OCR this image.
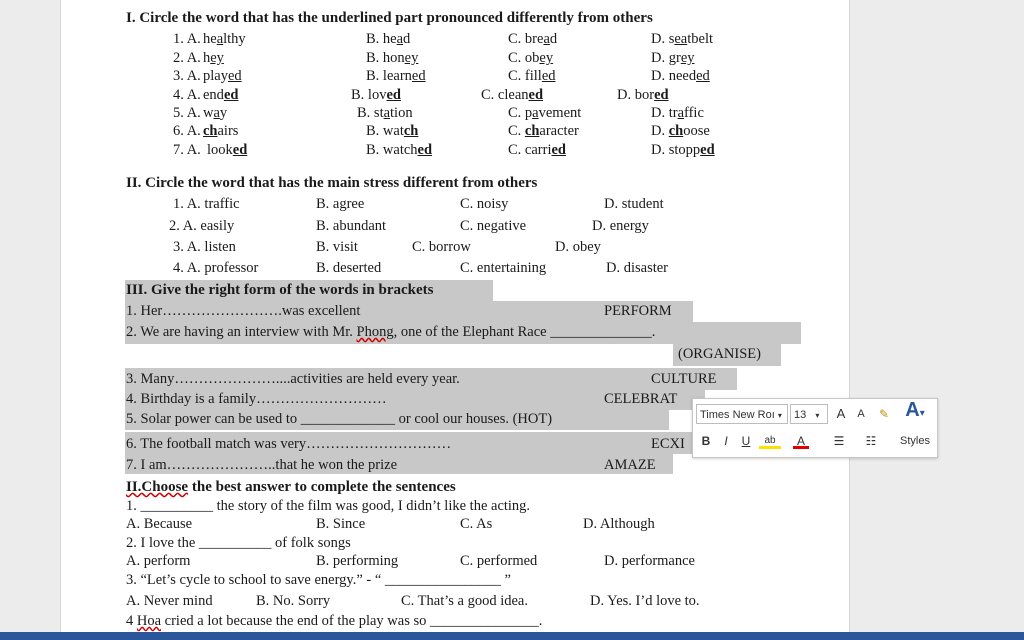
I. Circle the word that has the underlined part pronounced differently from others
1. A. healthy	B. head	C. bread	D. seatbelt
2. A. hey	B. honey	C. obey	D. grey
3. A. played	B. learned	C. filled	D. needed
4. A. ended	B. loved	C. cleaned	D. bored
5. A. way	B. station	C. pavement	D. traffic
6. A. chairs	B. watch	C. character	D. choose
7. A. looked	B. watched	C. carried	D. stopped
II. Circle the word that has the main stress different from others
1. A. traffic	B. agree	C. noisy	D. student
2. A. easily	B. abundant	C. negative	D. energy
3. A. listen	B. visit	C. borrow	D. obey
4. A. professor	B. deserted	C. entertaining	D. disaster
III. Give the right form of the words in brackets
1. Her…………………….was excellent	PERFORM
2. We are having an interview with Mr. Phong, one of the Elephant Race ______________.
(ORGANISE)
3. Many…………………....activities are held every year.	CULTURE
4. Birthday is a family………………………	CELEBRAT
5. Solar power can be used to _____________ or cool our houses. (HOT)
6. The football match was very…………………………	ECXI
7. I am…………………..that he won the prize	AMAZE
II.Choose the best answer to complete the sentences
1. __________ the story of the film was good, I didn’t like the acting.
A. Because	B. Since	C. As	D. Although
2. I love the __________ of folk songs
A. perform	B. performing	C. performed	D. performance
3. “Let’s cycle to school to save energy.” - “ ________________ ”
A. Never mind	B. No. Sorry	C. That’s a good idea.	D. Yes. I’d love to.
4 Hoa cried a lot because the end of the play was so _______________.
Times New Roı ▾	13 ▾	A	A	✎ A▾
B	I	U	ab	A	☰	☷	Styles
